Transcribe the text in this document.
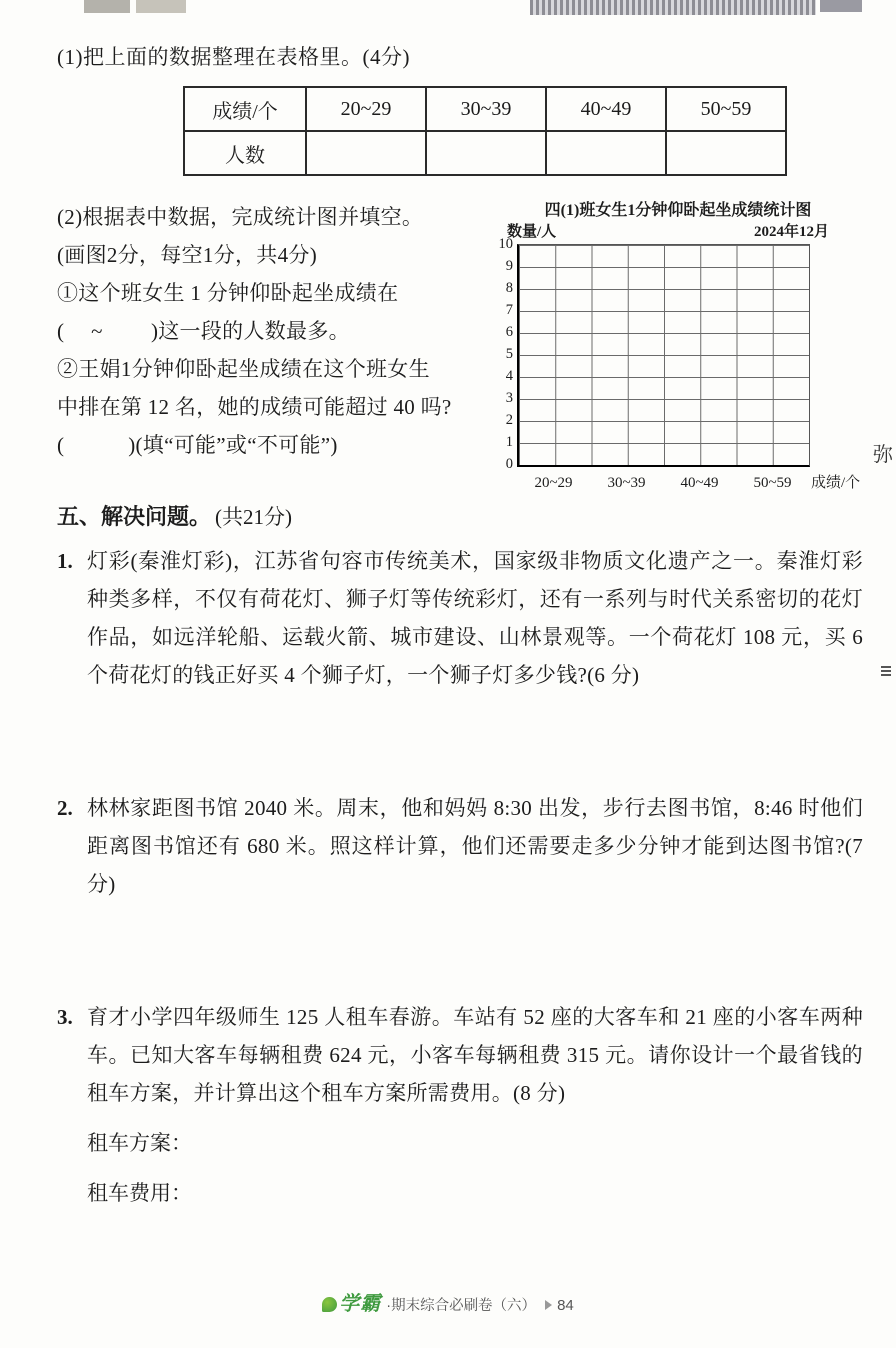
弥
(1)把上面的数据整理在表格里。(4分)
成绩/个	20~29	30~39	40~49	50~59
人数				
(2)根据表中数据，完成统计图并填空。
(画图2分，每空1分，共4分)
①这个班女生 1 分钟仰卧起坐成绩在
(　 ~ 　　)这一段的人数最多。
②王娟1分钟仰卧起坐成绩在这个班女生
中排在第 12 名，她的成绩可能超过 40 吗?
(　　　)(填“可能”或“不可能”)
四(1)班女生1分钟仰卧起坐成绩统计图
数量/人	2024年12月
10
9
8
7
6
5
4
3
2
1
0
20~29	30~39	40~49	50~59	成绩/个
五、解决问题。 (共21分)
1. 灯彩(秦淮灯彩)，江苏省句容市传统美术，国家级非物质文化遗产之一。秦淮灯彩种类多样，不仅有荷花灯、狮子灯等传统彩灯，还有一系列与时代关系密切的花灯作品，如远洋轮船、运载火箭、城市建设、山林景观等。一个荷花灯 108 元，买 6 个荷花灯的钱正好买 4 个狮子灯，一个狮子灯多少钱?(6 分)
2. 林林家距图书馆 2040 米。周末，他和妈妈 8:30 出发，步行去图书馆，8:46 时他们距离图书馆还有 680 米。照这样计算，他们还需要走多少分钟才能到达图书馆?(7 分)
3. 育才小学四年级师生 125 人租车春游。车站有 52 座的大客车和 21 座的小客车两种车。已知大客车每辆租费 624 元，小客车每辆租费 315 元。请你设计一个最省钱的租车方案，并计算出这个租车方案所需费用。(8 分)
租车方案：
租车费用：
学霸 ·期末综合必刷卷（六） 84
